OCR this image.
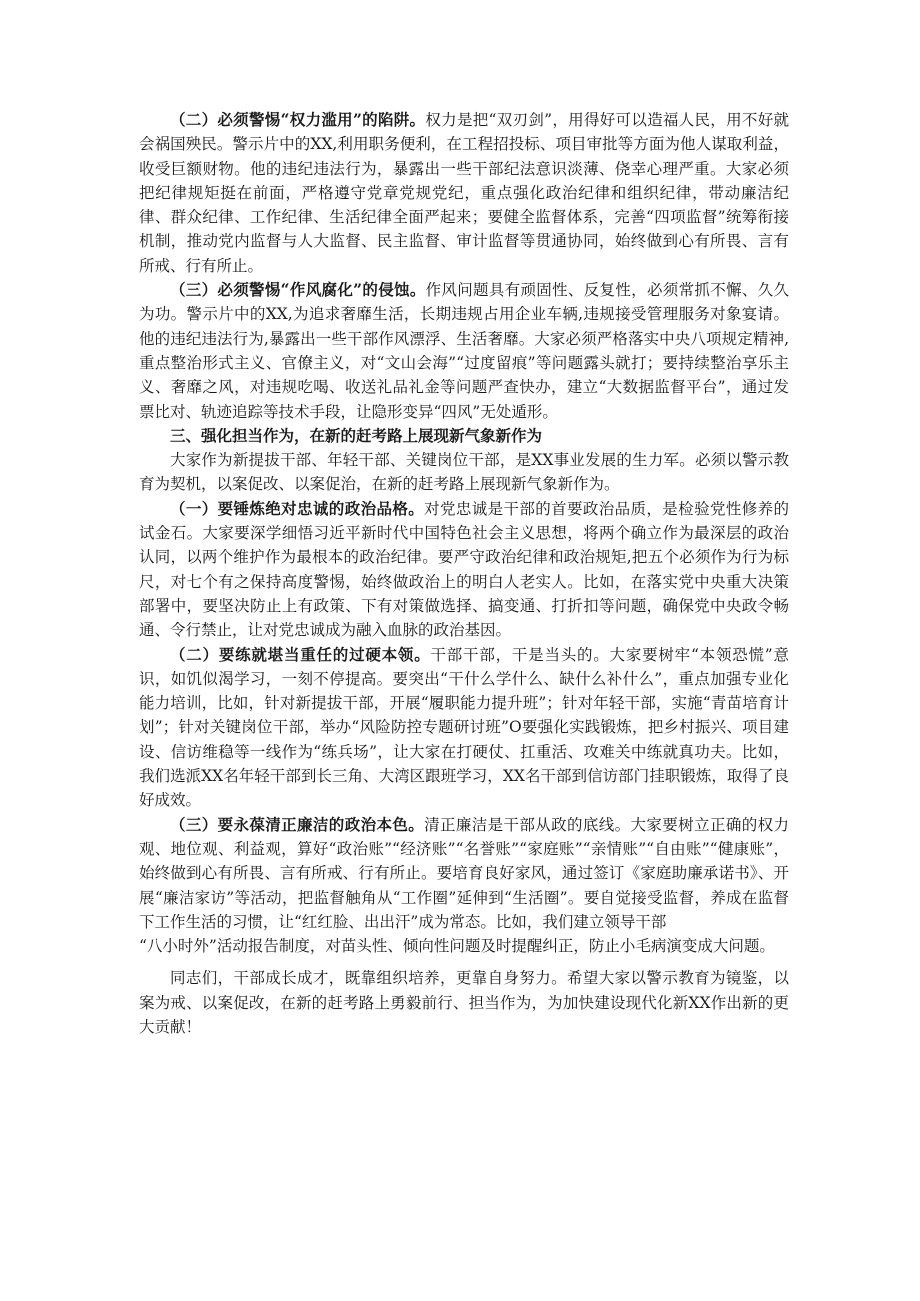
（二）必须警惕“权力滥用”的陷阱。权力是把“双刃剑”，用得好可以造福人民，用不好就会祸国殃民。警示片中的XX,利用职务便利，在工程招投标、项目审批等方面为他人谋取利益，收受巨额财物。他的违纪违法行为，暴露出一些干部纪法意识淡薄、侥幸心理严重。大家必须把纪律规矩挺在前面，严格遵守党章党规党纪，重点强化政治纪律和组织纪律，带动廉洁纪律、群众纪律、工作纪律、生活纪律全面严起来；要健全监督体系，完善“四项监督”统筹衔接机制，推动党内监督与人大监督、民主监督、审计监督等贯通协同，始终做到心有所畏、言有所戒、行有所止。

（三）必须警惕“作风腐化”的侵蚀。作风问题具有顽固性、反复性，必须常抓不懈、久久为功。警示片中的XX,为追求奢靡生活，长期违规占用企业车辆,违规接受管理服务对象宴请。他的违纪违法行为,暴露出一些干部作风漂浮、生活奢靡。大家必须严格落实中央八项规定精神,重点整治形式主义、官僚主义，对“文山会海”“过度留痕”等问题露头就打；要持续整治享乐主义、奢靡之风，对违规吃喝、收送礼品礼金等问题严查快办，建立“大数据监督平台”，通过发票比对、轨迹追踪等技术手段，让隐形变异“四风”无处遁形。

三、强化担当作为，在新的赶考路上展现新气象新作为

大家作为新提拔干部、年轻干部、关键岗位干部，是XX事业发展的生力军。必须以警示教育为契机，以案促改、以案促治，在新的赶考路上展现新气象新作为。

（一）要锤炼绝对忠诚的政治品格。对党忠诚是干部的首要政治品质，是检验党性修养的试金石。大家要深学细悟习近平新时代中国特色社会主义思想，将两个确立作为最深层的政治认同，以两个维护作为最根本的政治纪律。要严守政治纪律和政治规矩,把五个必须作为行为标尺，对七个有之保持高度警惕，始终做政治上的明白人老实人。比如，在落实党中央重大决策部署中，要坚决防止上有政策、下有对策做选择、搞变通、打折扣等问题，确保党中央政令畅通、令行禁止，让对党忠诚成为融入血脉的政治基因。

（二）要练就堪当重任的过硬本领。干部干部，干是当头的。大家要树牢“本领恐慌”意识，如饥似渴学习，一刻不停提高。要突出“干什么学什么、缺什么补什么”，重点加强专业化能力培训，比如，针对新提拔干部，开展“履职能力提升班”；针对年轻干部，实施“青苗培育计划”；针对关键岗位干部，举办“风险防控专题研讨班”O要强化实践锻炼，把乡村振兴、项目建设、信访维稳等一线作为“练兵场”，让大家在打硬仗、扛重活、攻难关中练就真功夫。比如，我们选派XX名年轻干部到长三角、大湾区跟班学习，XX名干部到信访部门挂职锻炼，取得了良好成效。

（三）要永葆清正廉洁的政治本色。清正廉洁是干部从政的底线。大家要树立正确的权力观、地位观、利益观，算好“政治账”“经济账”“名誉账”“家庭账”“亲情账”“自由账”“健康账”，始终做到心有所畏、言有所戒、行有所止。要培育良好家风，通过签订《家庭助廉承诺书》、开展“廉洁家访”等活动，把监督触角从“工作圈”延伸到“生活圈”。要自觉接受监督，养成在监督下工作生活的习惯，让“红红脸、出出汗”成为常态。比如，我们建立领导干部

“八小时外”活动报告制度，对苗头性、倾向性问题及时提醒纠正，防止小毛病演变成大问题。

同志们，干部成长成才，既靠组织培养，更靠自身努力。希望大家以警示教育为镜鉴，以案为戒、以案促改，在新的赶考路上勇毅前行、担当作为，为加快建设现代化新XX作出新的更大贡献！
